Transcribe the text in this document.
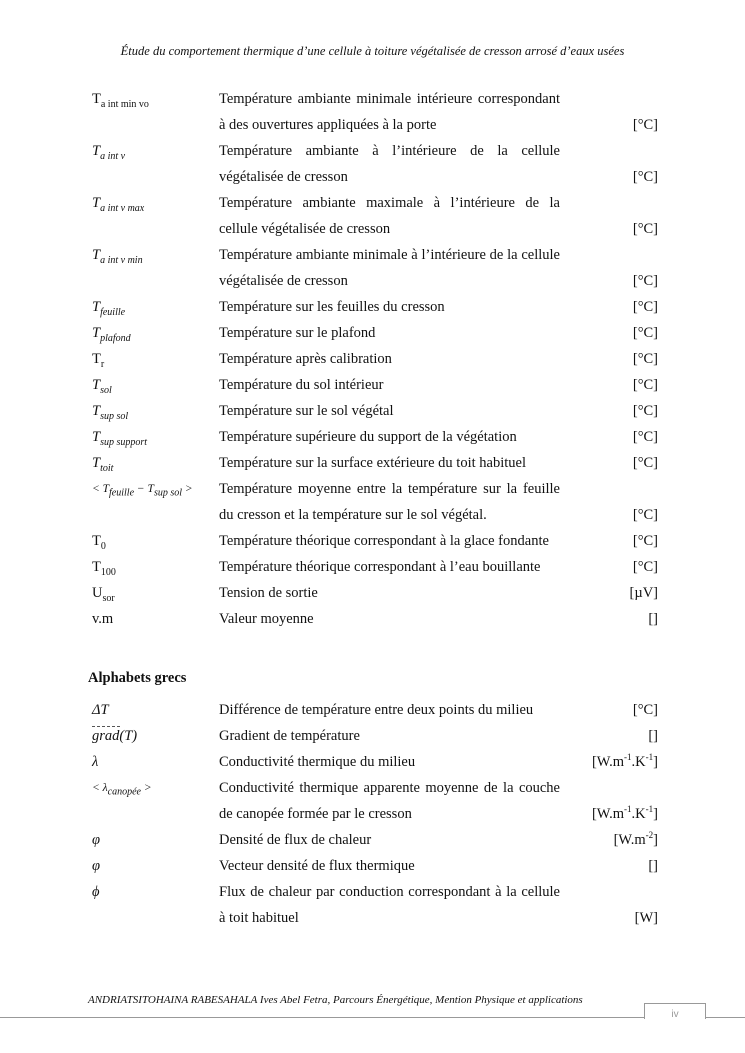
Étude du comportement thermique d’une cellule à toiture végétalisée de cresson arrosé d’eaux usées
$T_{a int min vo}$	Température ambiante minimale intérieure correspondant à des ouvertures appliquées à la porte	[°C]
$T_{a int v}$	Température ambiante à l’intérieure de la cellule végétalisée de cresson	[°C]
$T_{a int v max}$	Température ambiante maximale à l’intérieure de la cellule végétalisée de cresson	[°C]
$T_{a int v min}$	Température ambiante minimale à l’intérieure de la cellule végétalisée de cresson	[°C]
$T_{feuille}$	Température sur les feuilles du cresson	[°C]
$T_{plafond}$	Température sur le plafond	[°C]
$T_r$	Température après calibration	[°C]
$T_{sol}$	Température du sol intérieur	[°C]
$T_{sup sol}$	Température sur le sol végétal	[°C]
$T_{sup support}$	Température supérieure du support de la végétation	[°C]
$T_{toit}$	Température sur la surface extérieure du toit habituel	[°C]
< $T_{feuille} - T_{sup sol}$ >	Température moyenne entre la température sur la feuille du cresson et la température sur le sol végétal.	[°C]
$T_0$	Température théorique correspondant à la glace fondante	[°C]
$T_{100}$	Température théorique correspondant à l’eau bouillante	[°C]
$U_{sor}$	Tension de sortie	[µV]
v.m	Valeur moyenne	[]
Alphabets grecs
ΔT	Différence de température entre deux points du milieu	[°C]
grad(T)	Gradient de température	[]
λ	Conductivité thermique du milieu	$[W.m^{-1}.K^{-1}]$
< $\lambda_{canopée}$ >	Conductivité thermique apparente moyenne de la couche de canopée formée par le cresson	$[W.m^{-1}.K^{-1}]$
φ	Densité de flux de chaleur	$[W.m^{-2}]$
φ⃗	Vecteur densité de flux thermique	[]
ϕ	Flux de chaleur par conduction correspondant à la cellule à toit habituel	[W]
ANDRIATSITOHAINA RABESAHALA Ives Abel Fetra, Parcours Énergétique, Mention Physique et applications
iv
